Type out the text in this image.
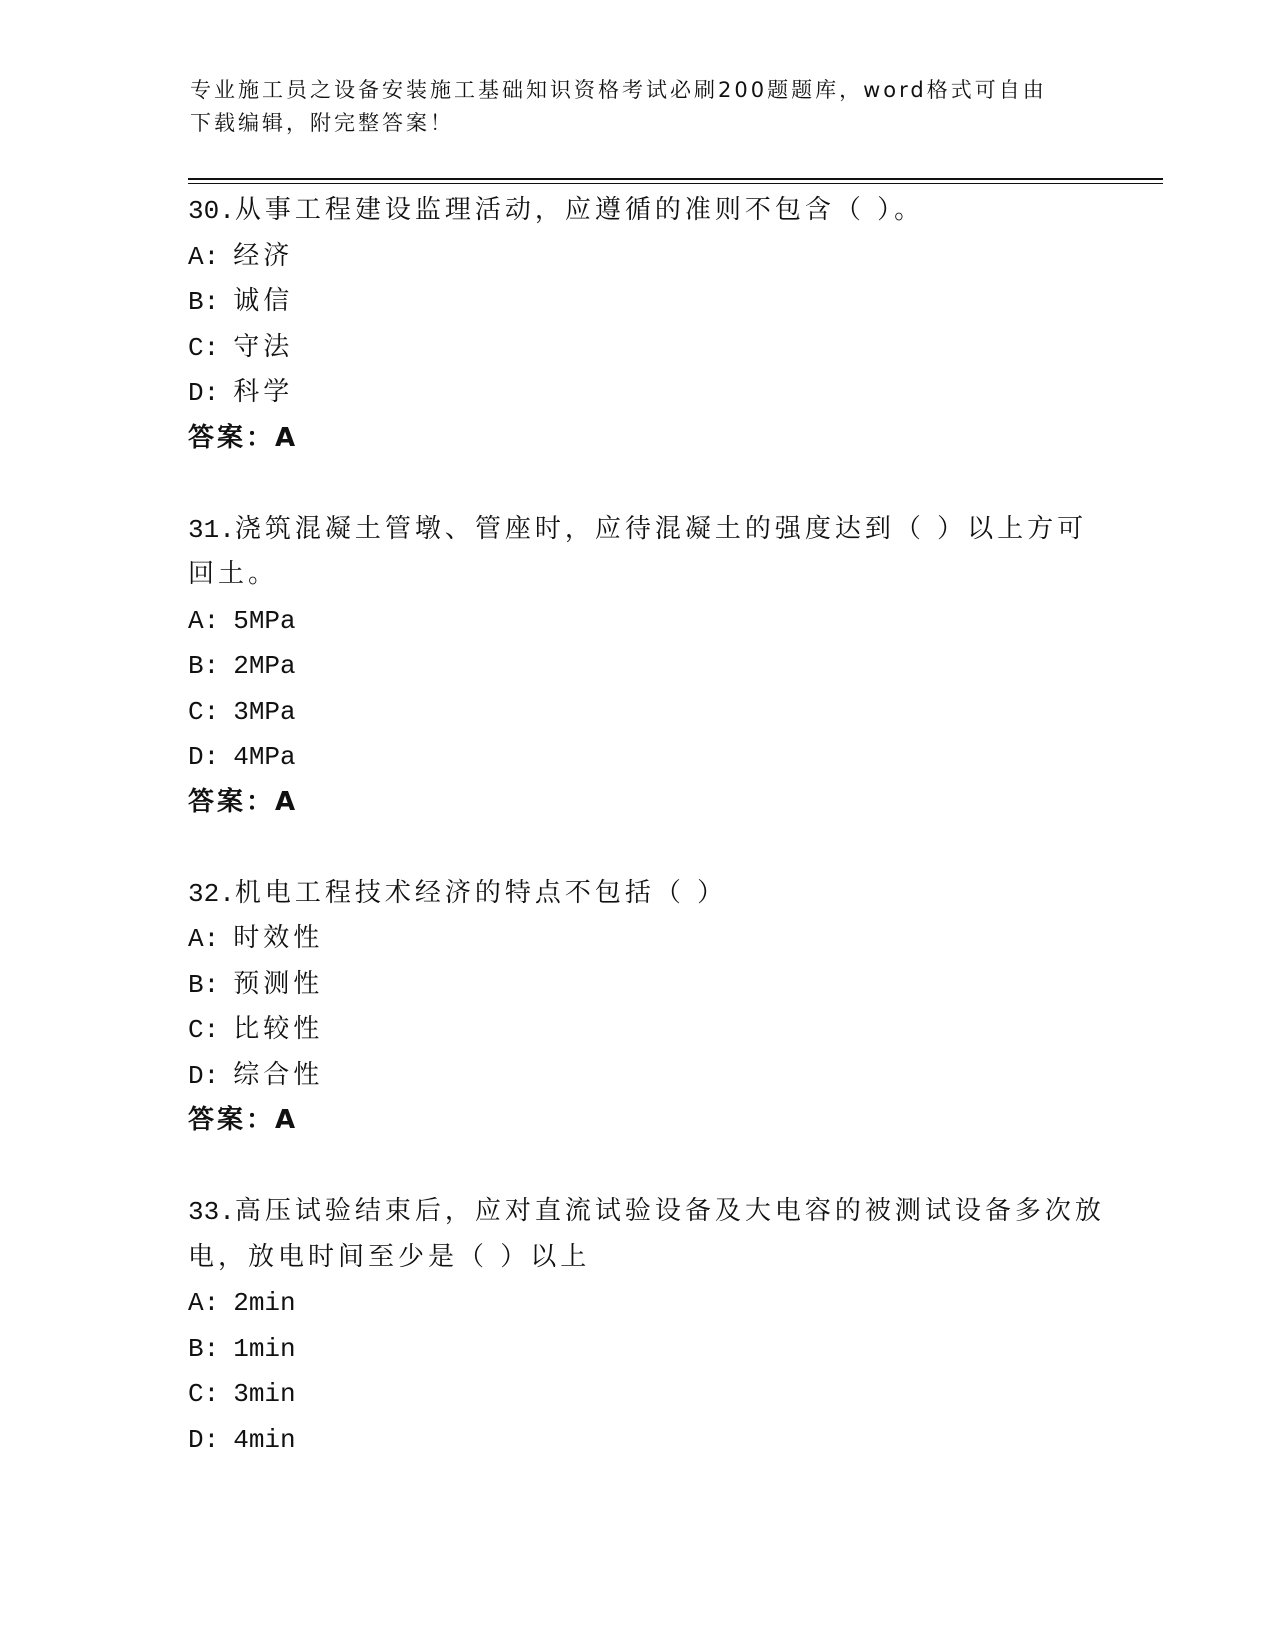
专业施工员之设备安装施工基础知识资格考试必刷200题题库，word格式可自由
下载编辑，附完整答案！
30.从事工程建设监理活动，应遵循的准则不包含（ ）。
A: 经济
B: 诚信
C: 守法
D: 科学
答案：A
31.浇筑混凝土管墩、管座时，应待混凝土的强度达到（ ）以上方可
回土。
A: 5MPa
B: 2MPa
C: 3MPa
D: 4MPa
答案：A
32.机电工程技术经济的特点不包括（ ）
A: 时效性
B: 预测性
C: 比较性
D: 综合性
答案：A
33.高压试验结束后，应对直流试验设备及大电容的被测试设备多次放
电，放电时间至少是（ ）以上
A: 2min
B: 1min
C: 3min
D: 4min
